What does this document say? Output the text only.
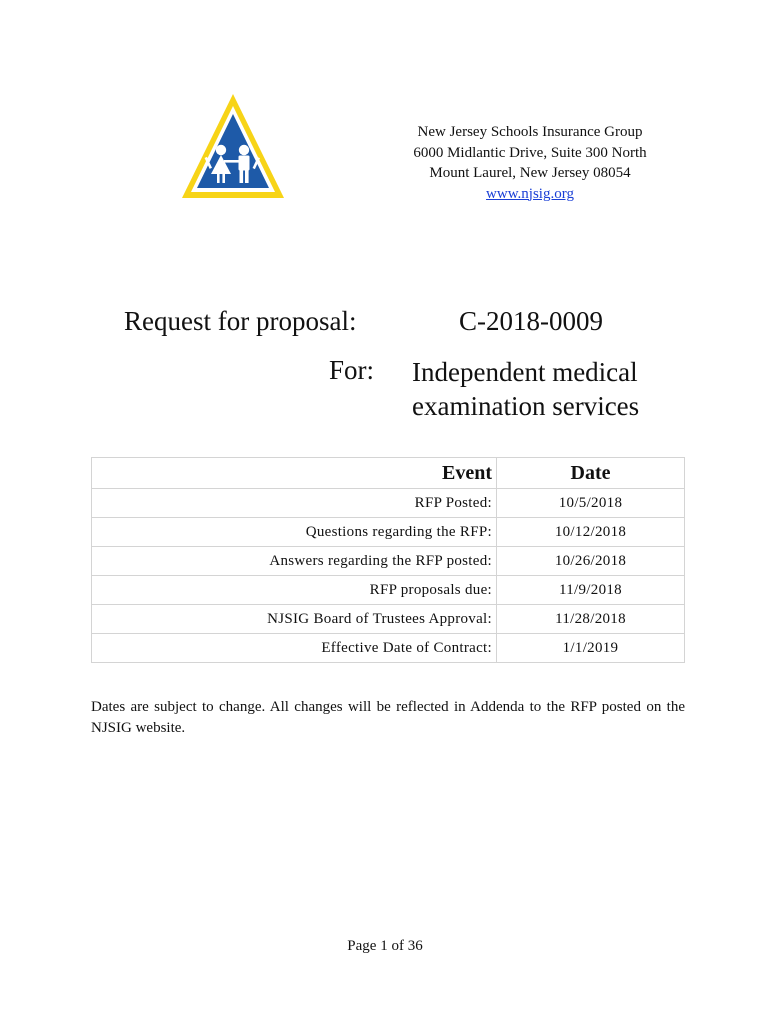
New Jersey Schools Insurance Group
6000 Midlantic Drive, Suite 300 North
Mount Laurel, New Jersey 08054
www.njsig.org
Request for proposal:	C-2018-0009
For: Independent medical
examination services
Event	Date
RFP Posted:	10/5/2018
Questions regarding the RFP:	10/12/2018
Answers regarding the RFP posted:	10/26/2018
RFP proposals due:	11/9/2018
NJSIG Board of Trustees Approval:	11/28/2018
Effective Date of Contract:	1/1/2019
Dates are subject to change. All changes will be reflected in Addenda to the RFP posted on the NJSIG website.
Page 1 of 36
